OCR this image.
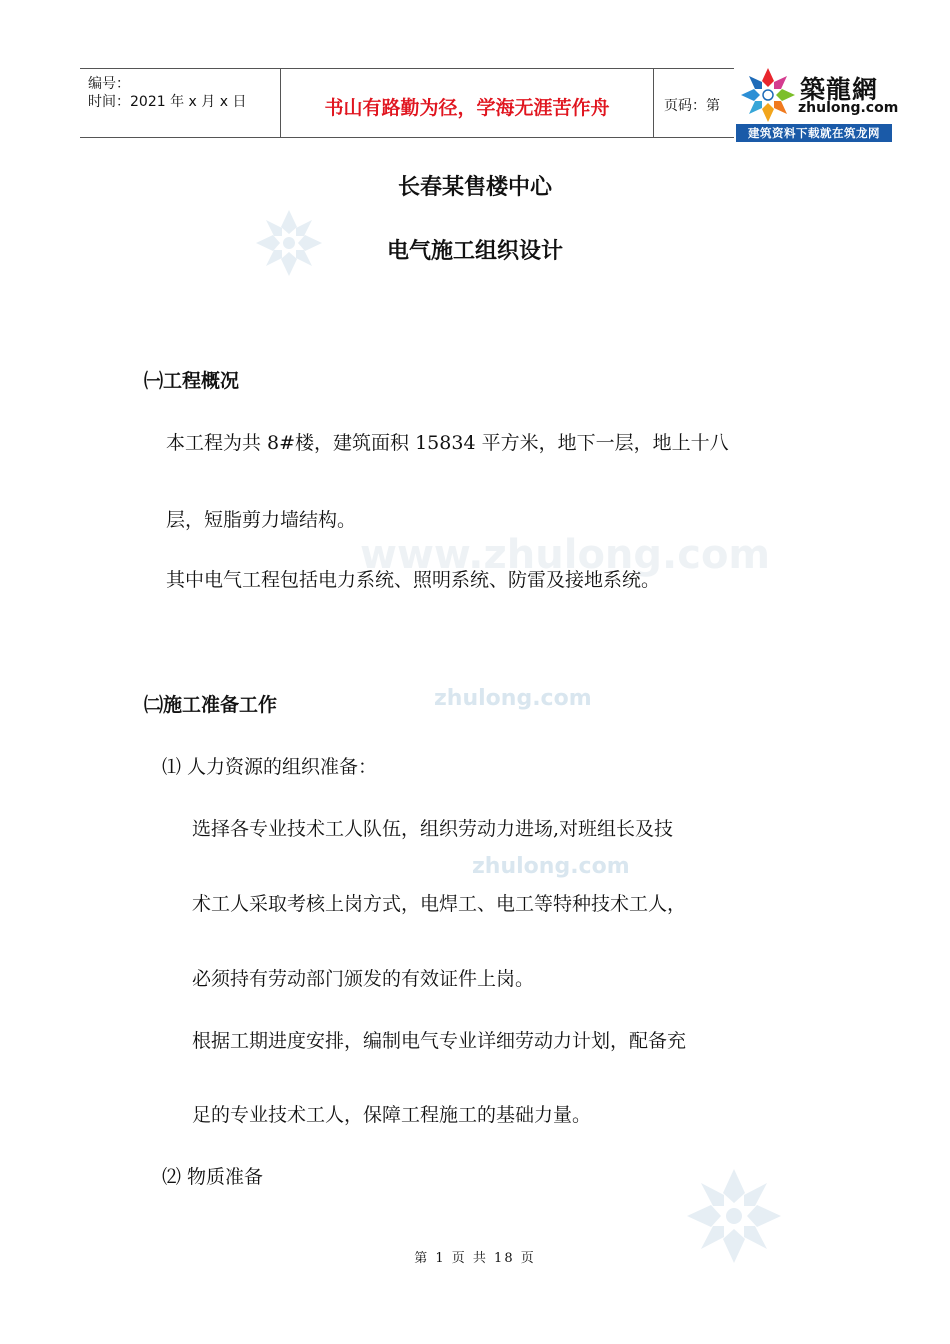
编号：
时间：2021 年 x 月 x 日	书山有路勤为径，学海无涯苦作舟	页码：第
築龍網
zhulong.com
建筑资料下载就在筑龙网
www.zhulong.com
zhulong.com
zhulong.com
长春某售楼中心
电气施工组织设计
㈠工程概况
本工程为共 8#楼，建筑面积 15834 平方米，地下一层，地上十八
层，短脂剪力墙结构。
其中电气工程包括电力系统、照明系统、防雷及接地系统。
㈡施工准备工作
⑴ 人力资源的组织准备：
选择各专业技术工人队伍，组织劳动力进场,对班组长及技
术工人采取考核上岗方式，电焊工、电工等特种技术工人，
必须持有劳动部门颁发的有效证件上岗。
根据工期进度安排，编制电气专业详细劳动力计划，配备充
足的专业技术工人，保障工程施工的基础力量。
⑵ 物质准备
第 1 页 共 18 页
